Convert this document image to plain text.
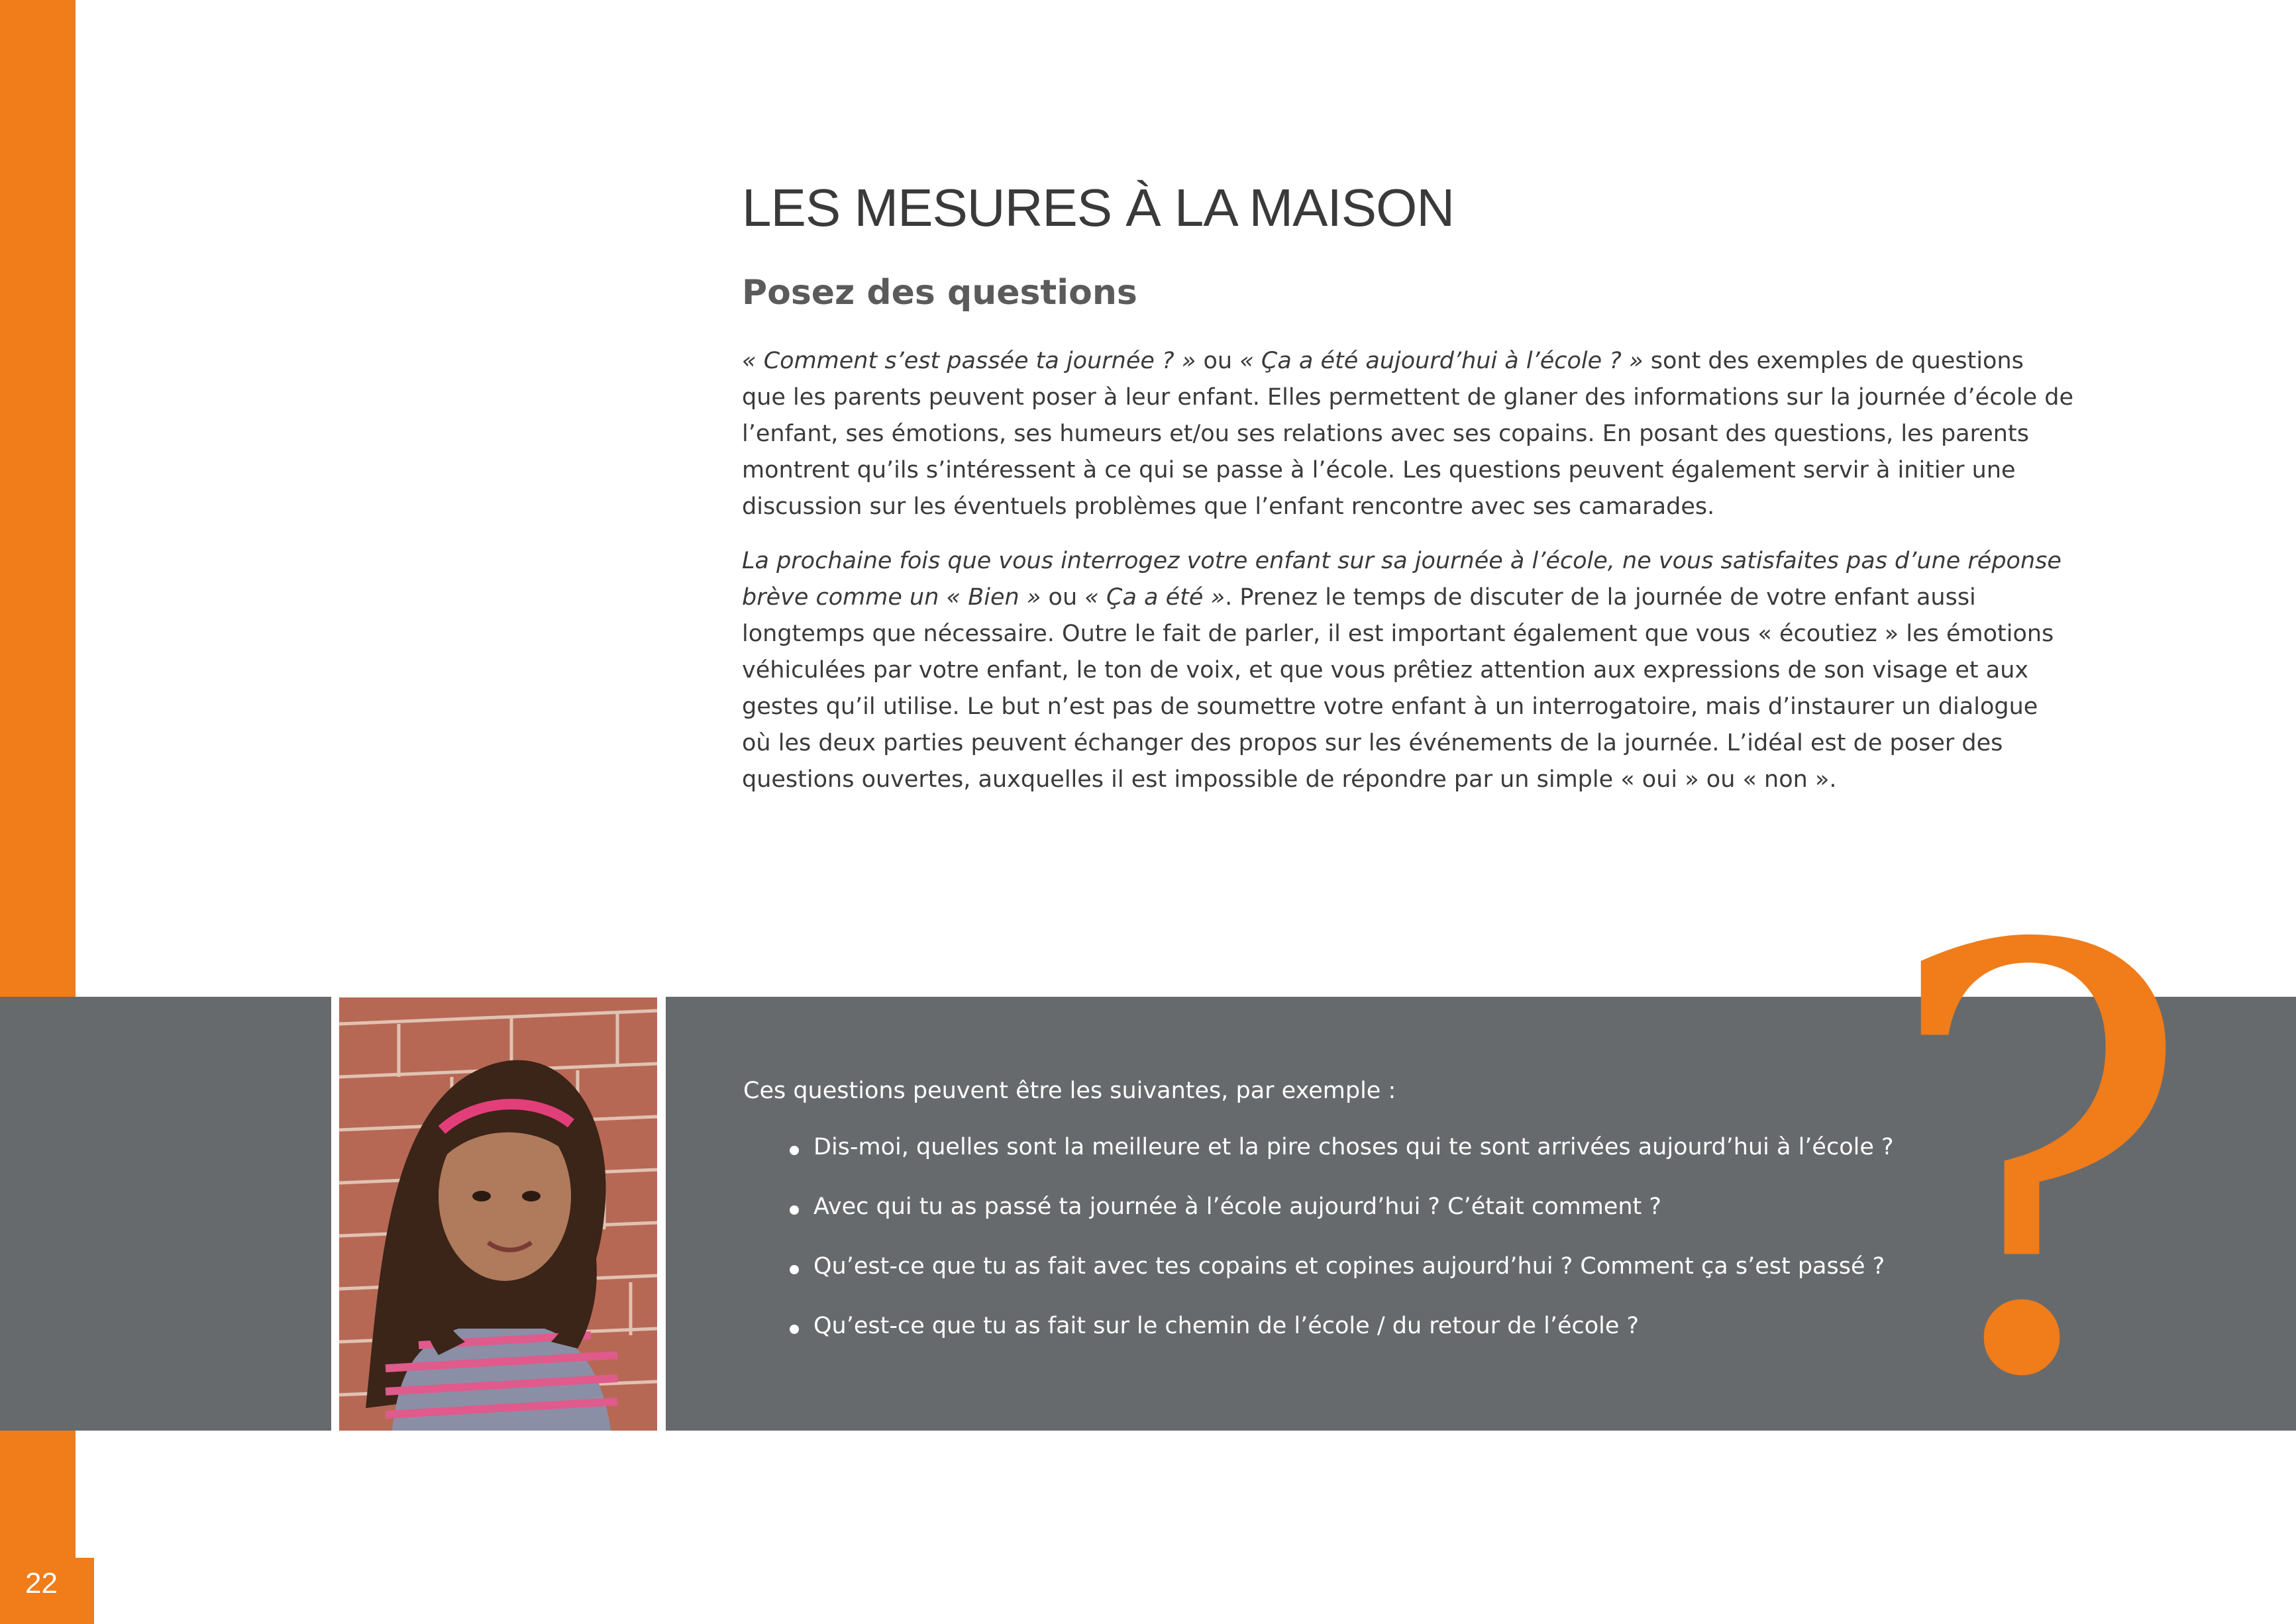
LES MESURES À LA MAISON
Posez des questions

« Comment s’est passée ta journée ? » ou « Ça a été aujourd’hui à l’école ? » sont des exemples de questions que les parents peuvent poser à leur enfant. Elles permettent de glaner des informations sur la journée d’école de l’enfant, ses émotions, ses humeurs et/ou ses relations avec ses copains. En posant des questions, les parents montrent qu’ils s’intéressent à ce qui se passe à l’école. Les questions peuvent également servir à initier une discussion sur les éventuels problèmes que l’enfant rencontre avec ses camarades.

La prochaine fois que vous interrogez votre enfant sur sa journée à l’école, ne vous satisfaites pas d’une réponse brève comme un « Bien » ou « Ça a été ». Prenez le temps de discuter de la journée de votre enfant aussi longtemps que nécessaire. Outre le fait de parler, il est important également que vous « écoutiez » les émotions véhiculées par votre enfant, le ton de voix, et que vous prêtiez attention aux expressions de son visage et aux gestes qu’il utilise. Le but n’est pas de soumettre votre enfant à un interrogatoire, mais d’instaurer un dialogue où les deux parties peuvent échanger des propos sur les événements de la journée. L’idéal est de poser des questions ouvertes, auxquelles il est impossible de répondre par un simple « oui » ou « non ».

?

Ces questions peuvent être les suivantes, par exemple :

Dis-moi, quelles sont la meilleure et la pire choses qui te sont arrivées aujourd’hui à l’école ?
Avec qui tu as passé ta journée à l’école aujourd’hui ? C’était comment ?
Qu’est-ce que tu as fait avec tes copains et copines aujourd’hui ? Comment ça s’est passé ?
Qu’est-ce que tu as fait sur le chemin de l’école / du retour de l’école ?
22
